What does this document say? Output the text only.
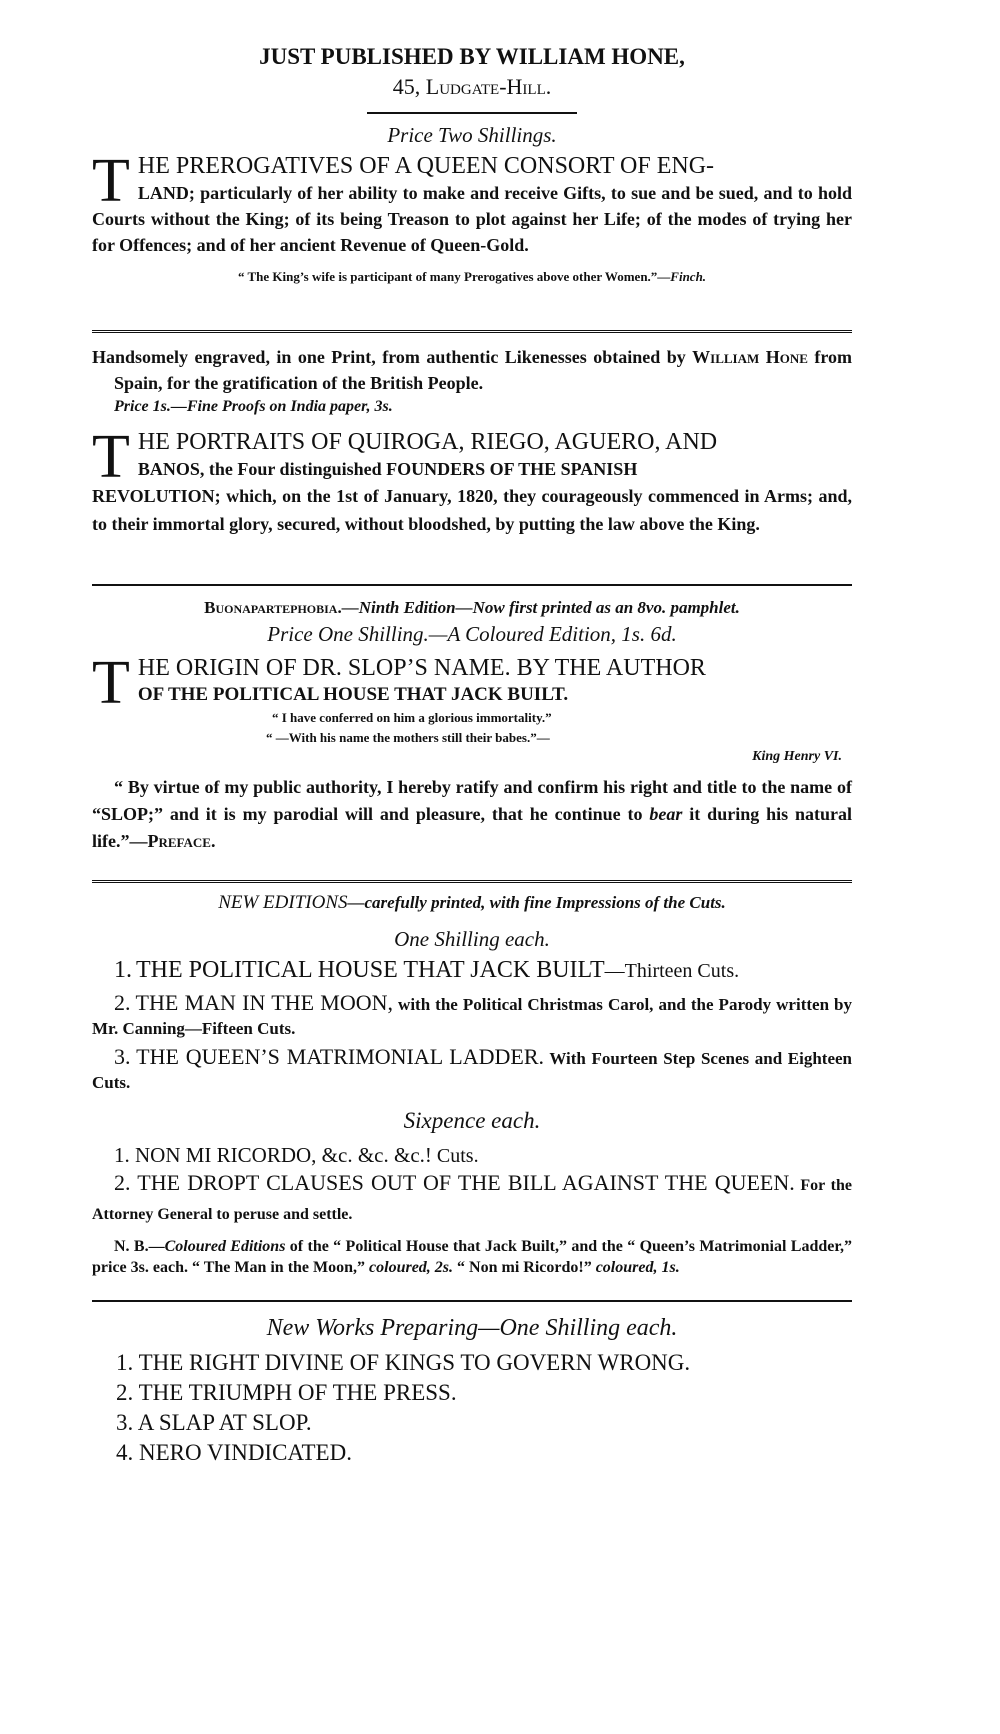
JUST PUBLISHED BY WILLIAM HONE,
45, Ludgate-Hill.
Price Two Shillings.
T HE PREROGATIVES OF A QUEEN CONSORT OF ENG-
LAND; particularly of her ability to make and receive Gifts, to sue and be sued, and to hold Courts without the King; of its being Treason to plot against her Life; of the modes of trying her for Offences; and of her ancient Revenue of Queen-Gold.
“ The King’s wife is participant of many Prerogatives above other Women.”—Finch.
Handsomely engraved, in one Print, from authentic Likenesses obtained by William Hone from Spain, for the gratification of the British People.
Price 1s.—Fine Proofs on India paper, 3s.
T HE PORTRAITS OF QUIROGA, RIEGO, AGUERO, AND
BANOS, the Four distinguished FOUNDERS OF THE SPANISH
REVOLUTION; which, on the 1st of January, 1820, they courageously commenced in Arms; and, to their immortal glory, secured, without bloodshed, by putting the law above the King.
Buonapartephobia.—Ninth Edition—Now first printed as an 8vo. pamphlet.
Price One Shilling.—A Coloured Edition, 1s. 6d.
T HE ORIGIN OF DR. SLOP’S NAME. BY THE AUTHOR
OF THE POLITICAL HOUSE THAT JACK BUILT.
“ I have conferred on him a glorious immortality.”
“ —With his name the mothers still their babes.”—
King Henry VI.
“ By virtue of my public authority, I hereby ratify and confirm his right and title to the name of “SLOP;” and it is my parodial will and pleasure, that he continue to bear it during his natural life.”—Preface.
NEW EDITIONS—carefully printed, with fine Impressions of the Cuts.
One Shilling each.
1. THE POLITICAL HOUSE THAT JACK BUILT—Thirteen Cuts.
2. THE MAN IN THE MOON, with the Political Christmas Carol, and the Parody written by Mr. Canning—Fifteen Cuts.
3. THE QUEEN’S MATRIMONIAL LADDER. With Fourteen Step Scenes and Eighteen Cuts.
Sixpence each.
1. NON MI RICORDO, &c. &c. &c.! Cuts.
2. THE DROPT CLAUSES OUT OF THE BILL AGAINST THE QUEEN. For the Attorney General to peruse and settle.
N. B.—Coloured Editions of the “ Political House that Jack Built,” and the “ Queen’s Matrimonial Ladder,” price 3s. each. “ The Man in the Moon,” coloured, 2s. “ Non mi Ricordo!” coloured, 1s.
New Works Preparing—One Shilling each.
1. THE RIGHT DIVINE OF KINGS TO GOVERN WRONG.
2. THE TRIUMPH OF THE PRESS.
3. A SLAP AT SLOP.
4. NERO VINDICATED.
